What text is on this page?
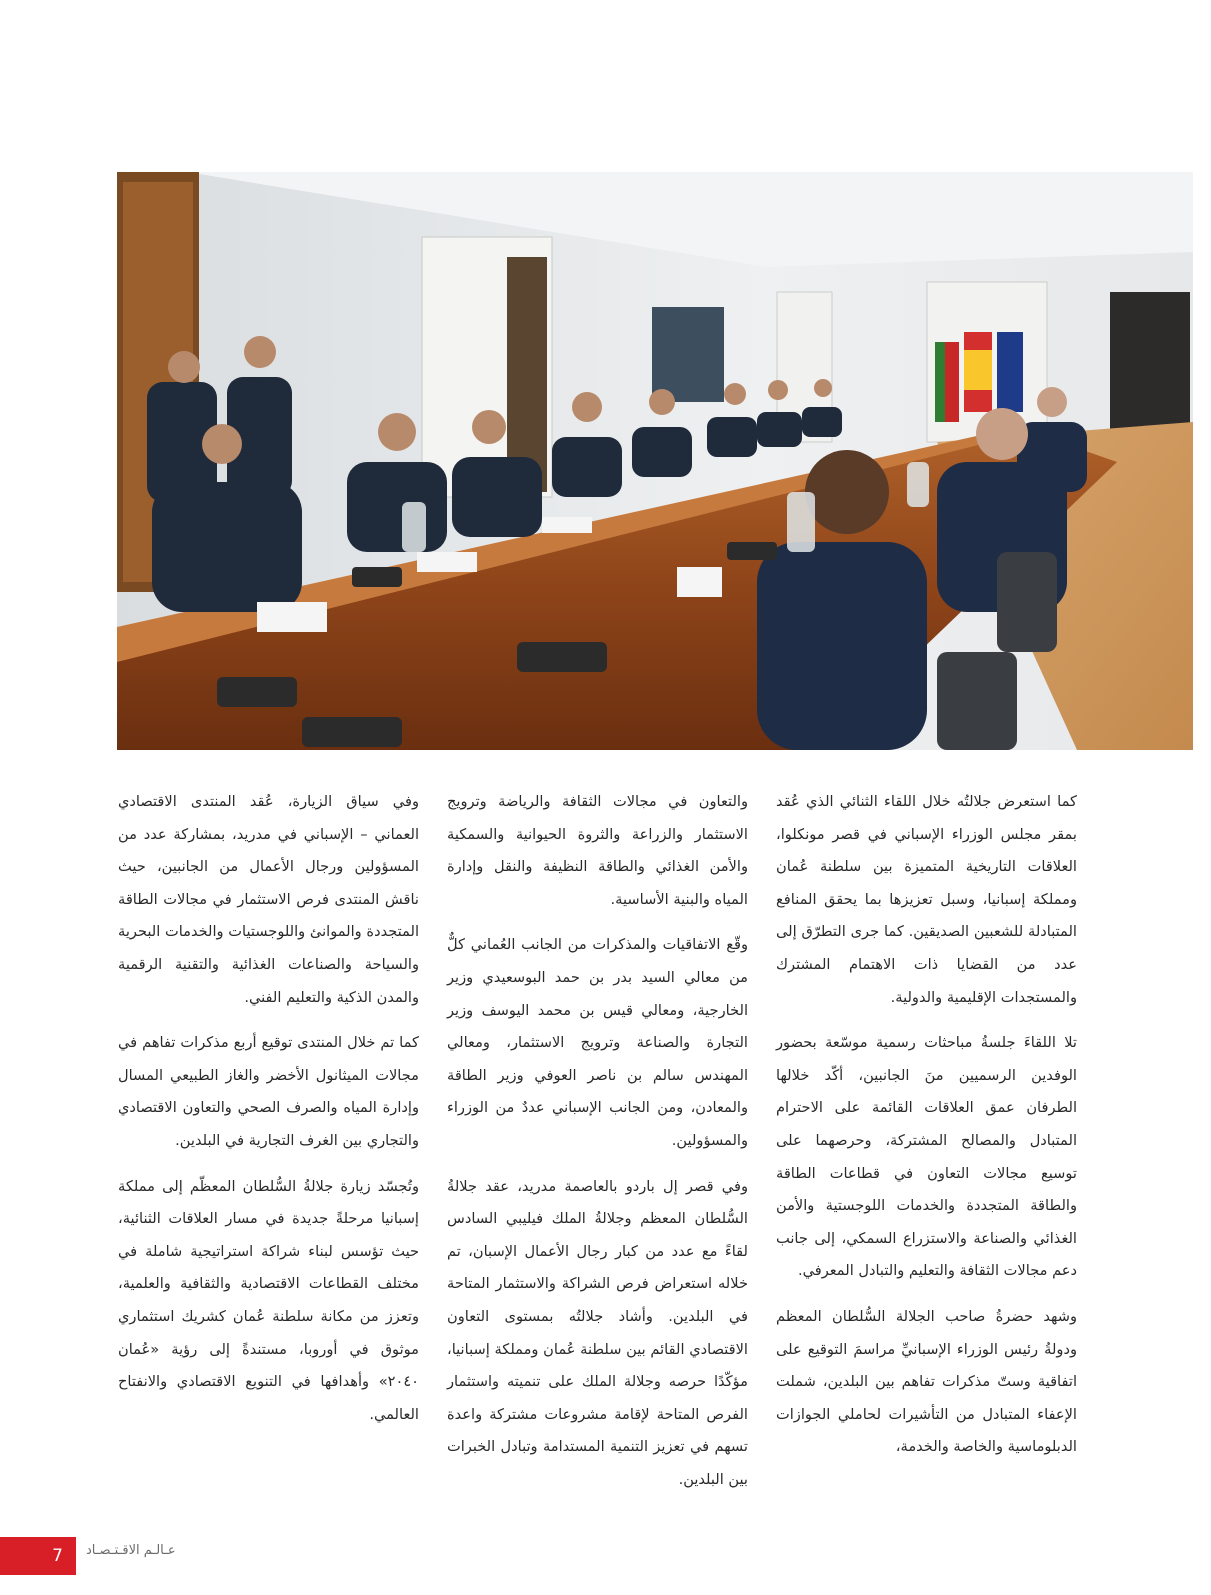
كما استعرض جلالتُه خلال اللقاء الثنائي الذي عُقد بمقر مجلس الوزراء الإسباني في قصر مونكلوا، العلاقات التاريخية المتميزة بين سلطنة عُمان ومملكة إسبانيا، وسبل تعزيزها بما يحقق المنافع المتبادلة للشعبين الصديقين. كما جرى التطرّق إلى عدد من القضايا ذات الاهتمام المشترك والمستجدات الإقليمية والدولية.

تلا اللقاءَ جلسةُ مباحثات رسمية موسّعة بحضور الوفدين الرسميين منَ الجانبين، أكّد خلالها الطرفان عمق العلاقات القائمة على الاحترام المتبادل والمصالح المشتركة، وحرصهما على توسيع مجالات التعاون في قطاعات الطاقة والطاقة المتجددة والخدمات اللوجستية والأمن الغذائي والصناعة والاستزراع السمكي، إلى جانب دعم مجالات الثقافة والتعليم والتبادل المعرفي.

وشهد حضرةُ صاحب الجلالة السُّلطان المعظم ودولةُ رئيس الوزراء الإسبانيِّ مراسمَ التوقيع على اتفاقية وستّ مذكرات تفاهم بين البلدين، شملت الإعفاء المتبادل من التأشيرات لحاملي الجوازات الدبلوماسية والخاصة والخدمة،

والتعاون في مجالات الثقافة والرياضة وترويج الاستثمار والزراعة والثروة الحيوانية والسمكية والأمن الغذائي والطاقة النظيفة والنقل وإدارة المياه والبنية الأساسية.

وقّع الاتفاقيات والمذكرات من الجانب العُماني كلٌّ من معالي السيد بدر بن حمد البوسعيدي وزير الخارجية، ومعالي قيس بن محمد اليوسف وزير التجارة والصناعة وترويج الاستثمار، ومعالي المهندس سالم بن ناصر العوفي وزير الطاقة والمعادن، ومن الجانب الإسباني عددٌ من الوزراء والمسؤولين.

وفي قصر إل باردو بالعاصمة مدريد، عقد جلالةُ السُّلطان المعظم وجلالةُ الملك فيليبي السادس لقاءً مع عدد من كبار رجال الأعمال الإسبان، تم خلاله استعراض فرص الشراكة والاستثمار المتاحة في البلدين. وأشاد جلالتُه بمستوى التعاون الاقتصادي القائم بين سلطنة عُمان ومملكة إسبانيا، مؤكّدًا حرصه وجلالة الملك على تنميته واستثمار الفرص المتاحة لإقامة مشروعات مشتركة واعدة تسهم في تعزيز التنمية المستدامة وتبادل الخبرات بين البلدين.

وفي سياق الزيارة، عُقد المنتدى الاقتصادي العماني – الإسباني في مدريد، بمشاركة عدد من المسؤولين ورجال الأعمال من الجانبين، حيث ناقش المنتدى فرص الاستثمار في مجالات الطاقة المتجددة والموانئ واللوجستيات والخدمات البحرية والسياحة والصناعات الغذائية والتقنية الرقمية والمدن الذكية والتعليم الفني.

كما تم خلال المنتدى توقيع أربع مذكرات تفاهم في مجالات الميثانول الأخضر والغاز الطبيعي المسال وإدارة المياه والصرف الصحي والتعاون الاقتصادي والتجاري بين الغرف التجارية في البلدين.

وتُجسّد زيارة جلالةُ السُّلطان المعظّم إلى مملكة إسبانيا مرحلةً جديدة في مسار العلاقات الثنائية، حيث تؤسس لبناء شراكة استراتيجية شاملة في مختلف القطاعات الاقتصادية والثقافية والعلمية، وتعزز من مكانة سلطنة عُمان كشريك استثماري موثوق في أوروبا، مستندةً إلى رؤية «عُمان ٢٠٤٠» وأهدافها في التنويع الاقتصادي والانفتاح العالمي.

7	عـالـم الاقـتـصـاد
